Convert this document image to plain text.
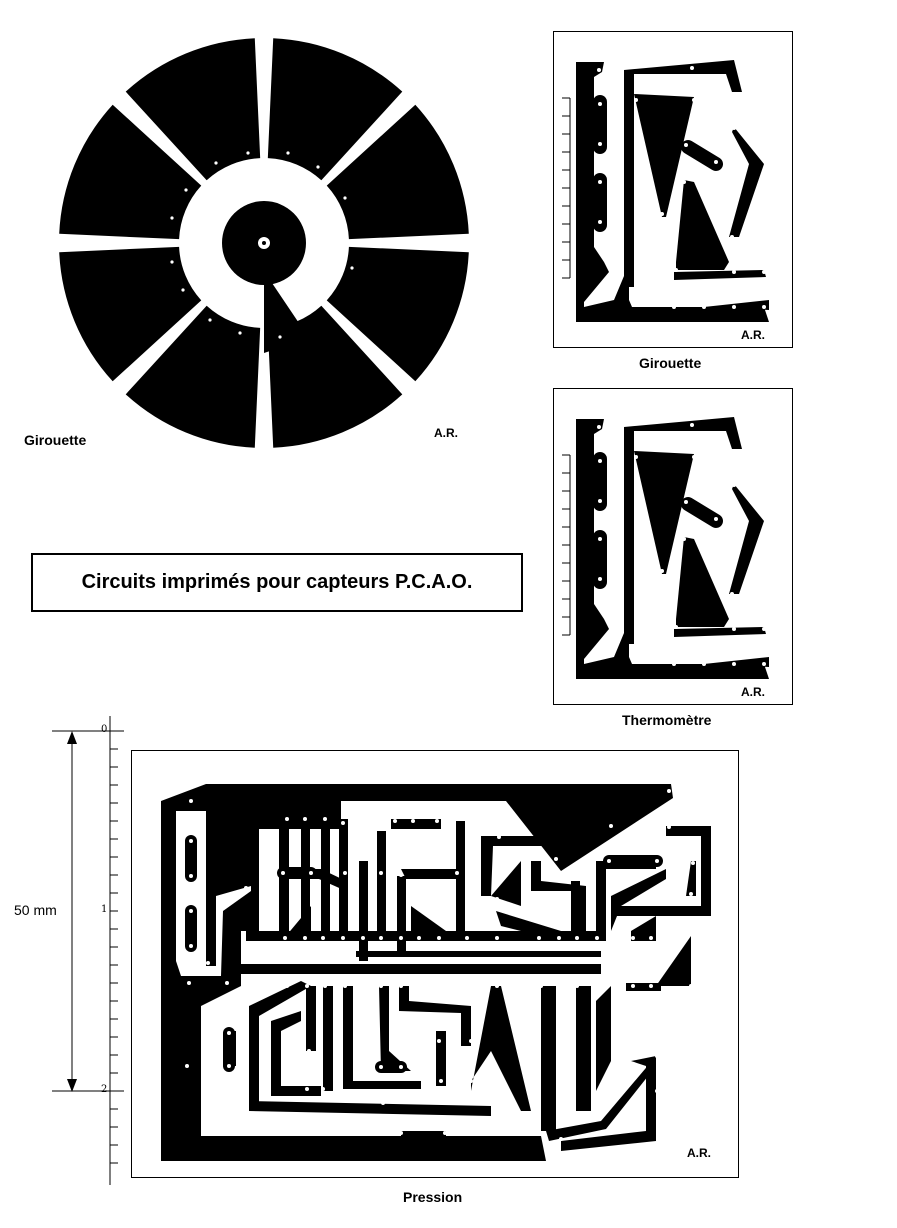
Girouette	A.R.
Circuits imprimés pour capteurs P.C.A.O.
A.R.
Girouette
A.R.
Thermomètre
50 mm
0
1
2
A.R.
Pression
